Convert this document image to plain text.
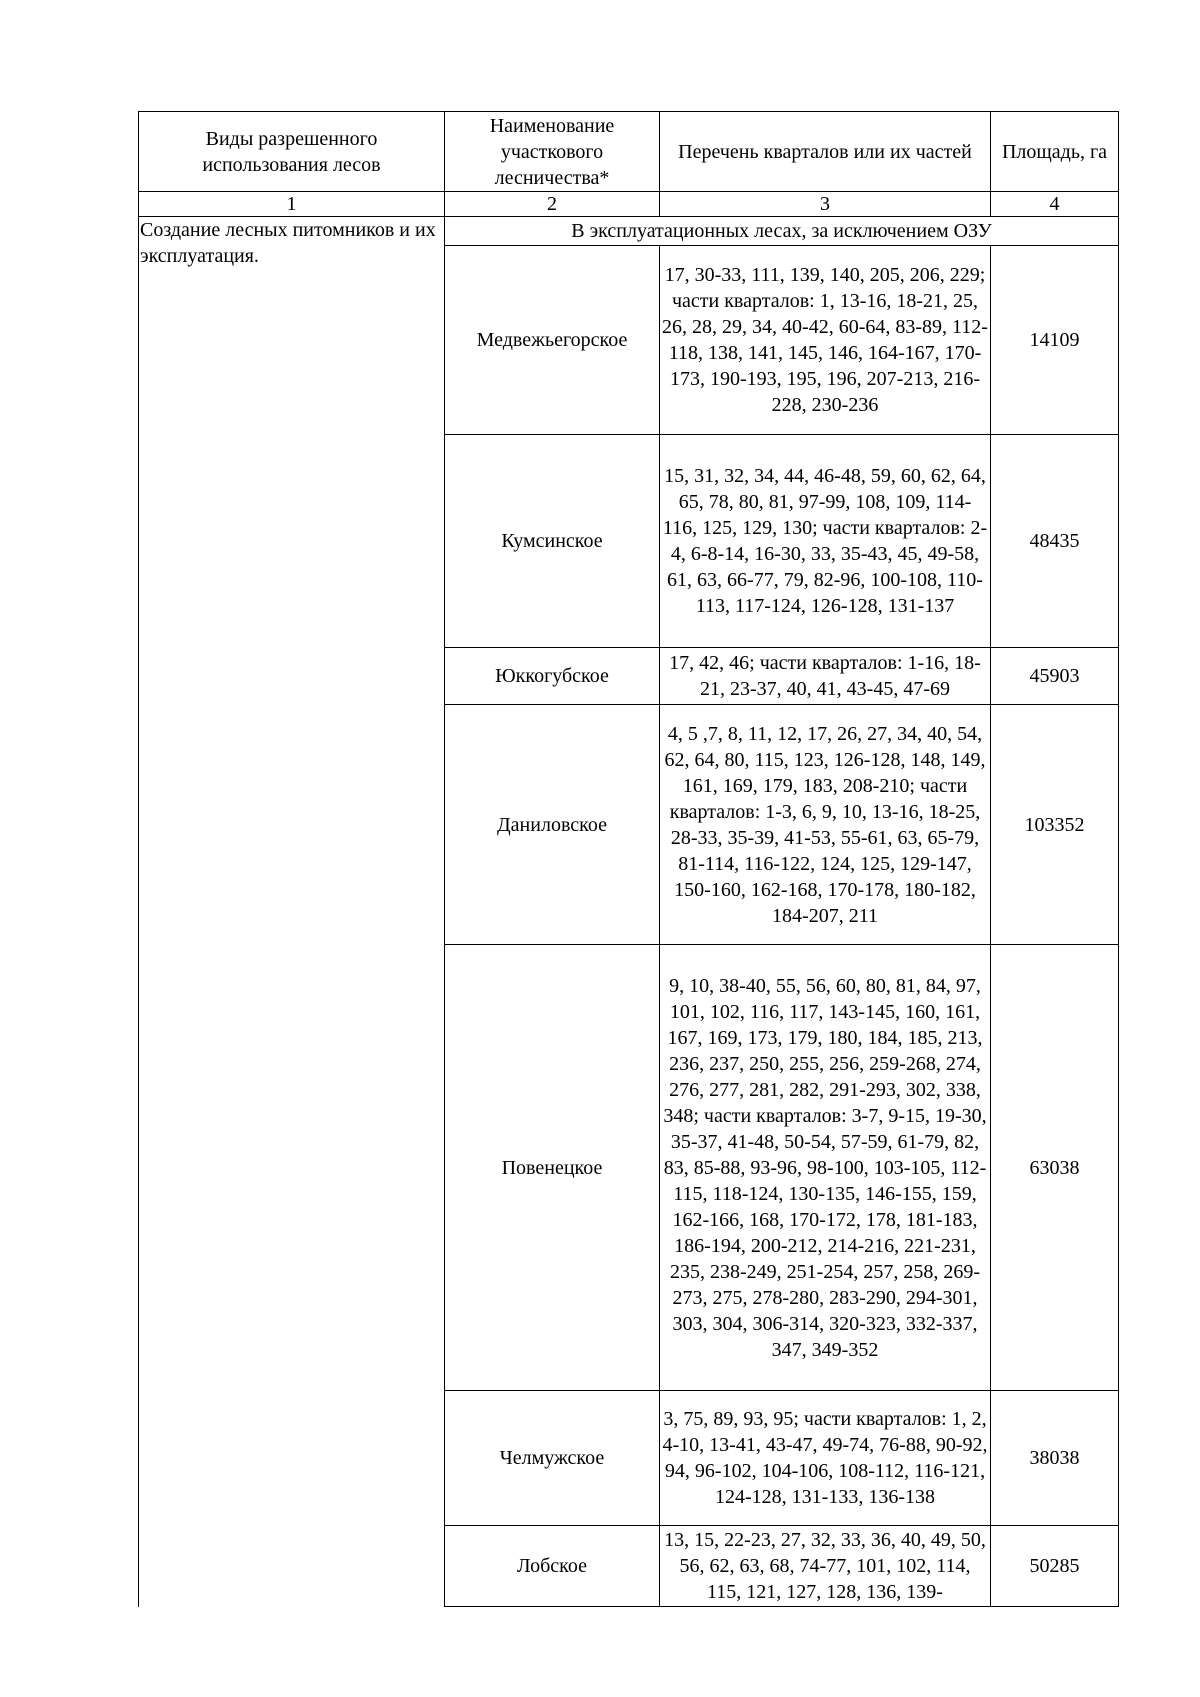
Виды разрешенного использования лесов	Наименование участкового лесничества*	Перечень кварталов или их частей	Площадь, га
1	2	3	4
Создание лесных питомников и их эксплуатация.	В эксплуатационных лесах, за исключением ОЗУ		
	Медвежьегорское	17, 30-33, 111, 139, 140, 205, 206, 229; части кварталов: 1, 13-16, 18-21, 25, 26, 28, 29, 34, 40-42, 60-64, 83-89, 112-118, 138, 141, 145, 146, 164-167, 170-173, 190-193, 195, 196, 207-213, 216-228, 230-236	14109
	Кумсинское	15, 31, 32, 34, 44, 46-48, 59, 60, 62, 64, 65, 78, 80, 81, 97-99, 108, 109, 114-116, 125, 129, 130; части кварталов: 2-4, 6-8-14, 16-30, 33, 35-43, 45, 49-58, 61, 63, 66-77, 79, 82-96, 100-108, 110-113, 117-124, 126-128, 131-137	48435
	Юккогубское	17, 42, 46; части кварталов: 1-16, 18-21, 23-37, 40, 41, 43-45, 47-69	45903
	Даниловское	4, 5 ,7, 8, 11, 12, 17, 26, 27, 34, 40, 54, 62, 64, 80, 115, 123, 126-128, 148, 149, 161, 169, 179, 183, 208-210; части кварталов: 1-3, 6, 9, 10, 13-16, 18-25, 28-33, 35-39, 41-53, 55-61, 63, 65-79, 81-114, 116-122, 124, 125, 129-147, 150-160, 162-168, 170-178, 180-182, 184-207, 211	103352
	Повенецкое	9, 10, 38-40, 55, 56, 60, 80, 81, 84, 97, 101, 102, 116, 117, 143-145, 160, 161, 167, 169, 173, 179, 180, 184, 185, 213, 236, 237, 250, 255, 256, 259-268, 274, 276, 277, 281, 282, 291-293, 302, 338, 348; части кварталов: 3-7, 9-15, 19-30, 35-37, 41-48, 50-54, 57-59, 61-79, 82, 83, 85-88, 93-96, 98-100, 103-105, 112-115, 118-124, 130-135, 146-155, 159, 162-166, 168, 170-172, 178, 181-183, 186-194, 200-212, 214-216, 221-231, 235, 238-249, 251-254, 257, 258, 269-273, 275, 278-280, 283-290, 294-301, 303, 304, 306-314, 320-323, 332-337, 347, 349-352	63038
	Челмужское	3, 75, 89, 93, 95; части кварталов: 1, 2, 4-10, 13-41, 43-47, 49-74, 76-88, 90-92, 94, 96-102, 104-106, 108-112, 116-121, 124-128, 131-133, 136-138	38038
	Лобское	13, 15, 22-23, 27, 32, 33, 36, 40, 49, 50, 56, 62, 63, 68, 74-77, 101, 102, 114, 115, 121, 127, 128, 136, 139-	50285
